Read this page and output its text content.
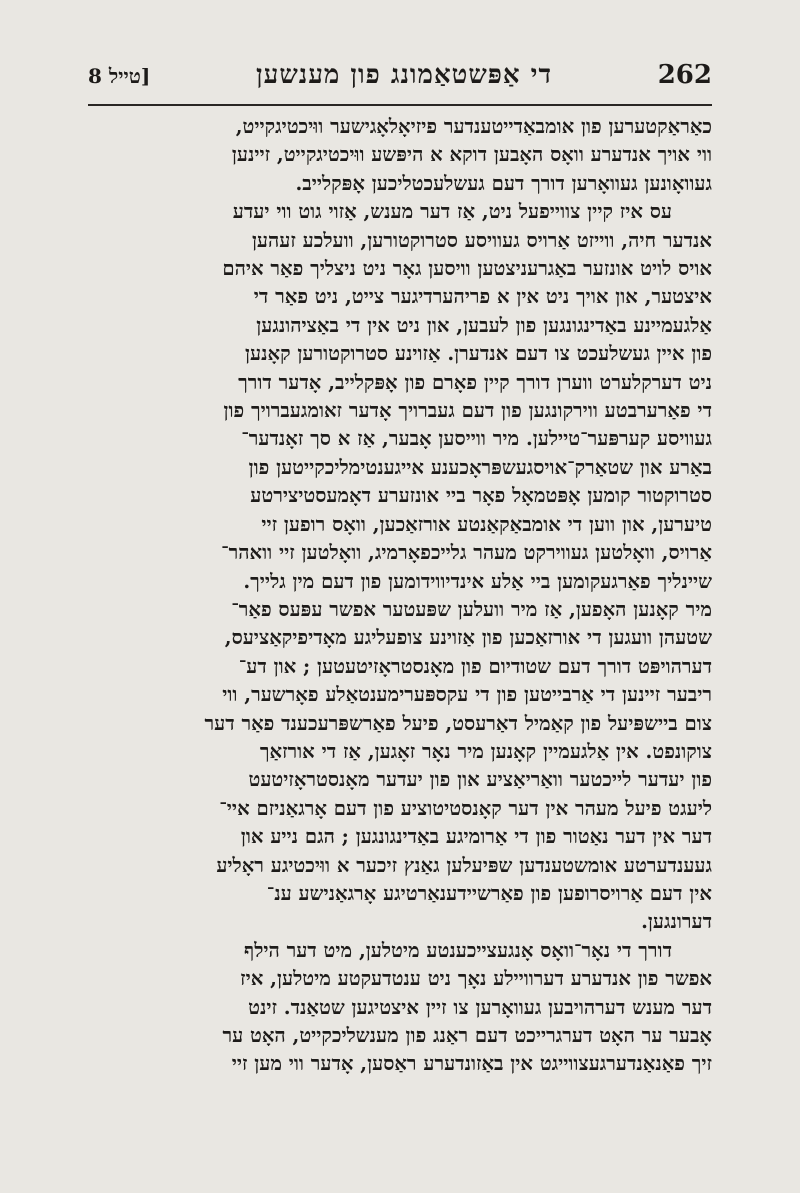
262
די אַפּשטאַמונג פון מענשען
[טייל 8

כאַראַקטערען פון אומבאַדייטענדער פיזיאָלאָגישער ווּיכטיגקייט,
ווי אויך אנדערע וואָס האָבען דוקא א היפּשע ווּיכטיגקייט, זיינען
געוואָונען געוואָרען דורך דעם געשלעכטליכען אָפּקלייב.

עס איז קיין צווייפעל ניט, אַז דער מענש, אַזוי גוט ווי יעדע
אנדער חיה, ווייזט אַרויס געוויסע סטרוקטורען, וועלכע זעהען
אויס לויט אונזער באַגרעניצטען וויסען גאָר ניט ניצליך פאַר איהם
איצטער, און אויך ניט אין א פריהערדיגער צייט, ניט פאַר די
אַלגעמיינע באַדינגונגען פון לעבען, און ניט אין די באַציהונגען
פון איין געשלעכט צו דעם אנדערן. אַזוינע סטרוקטורען קאָנען
ניט דערקלערט ווערן דורך קיין פאָרם פון אָפּקלייב, אָדער דורך
די פאַרערבטע ווירקונגען פון דעם געברויך אָדער זאומגעברויך פון
געוויסע קערפּער־טיילען. מיר ווייסען אָבער, אַז א סך זאָנדער־
באַרע און שטאַרק־אויסגעשפּראָכענע אייגענטימליכקייטען פון
סטרוקטור קומען אָפּטמאָל פאָר ביי אונזערע דאָמעסטיצירטע
טיערען, און ווען די אומבאַקאַנטע אורזאַכען, וואָס רופען זיי
אַרויס, וואָלטען געווירקט מעהר גלייכפאָרמיג, וואָלטען זיי וואהר־
שיינליך פאַרגעקומען ביי אַלע אינדיווידומען פון דעם מין גלייך.
מיר קאָנען האָפען, אַז מיר וועלען שפּעטער אפשר עפּעס פאַר־
שטעהן וועגען די אורזאַכען פון אַזוינע צופעליגע מאָדיפיקאַציעס,
דערהויפּט דורך דעם שטודיום פון מאָנסטראָזיטעטען ; און דע־
ריבער זיינען די אַרבייטען פון די עקספּערימענטאַלע פאָרשער, ווי
צום ביישפּיעל פון קאַמיל דאַרעסט, פיעל פאַרשפּרעכענד פאַר דער
צוקונפט. אין אַלגעמיין קאָנען מיר נאָר זאָגען, אַז די אורזאַך
פון יעדער לייכטער וואַריאַציע און פון יעדער מאָנסטראָזיטעט
ליעגט פיעל מעהר אין דער קאָנסטיטוציע פון דעם אָרגאַניזם איי־
דער אין דער נאַטור פון די אַרומיגע באַדינגונגען ; הגם נייע און
געענדערטע אומשטענדען שפּיעלען גאַנץ זיכער א ווּיכטיגע ראָליע
אין דעם אַרויסרופען פון פאַרשיידענאַרטיגע אָרגאַנישע ענ־
דערונגען.

דורך די נאָר־וואָס אָנגעצייכענטע מיטלען, מיט דער הילף
אפשר פון אנדערע דערוויילע נאָך ניט ענטדעקטע מיטלען, איז
דער מענש דערהויבען געוואָרען צו זיין איצטיגען שטאַנד. זינט
אָבער ער האָט דערגרייכט דעם ראַנג פון מענשליכקייט, האָט ער
זיך פאַנאַנדערגעצווייגט אין באַזונדערע ראַסען, אָדער ווי מען זיי
